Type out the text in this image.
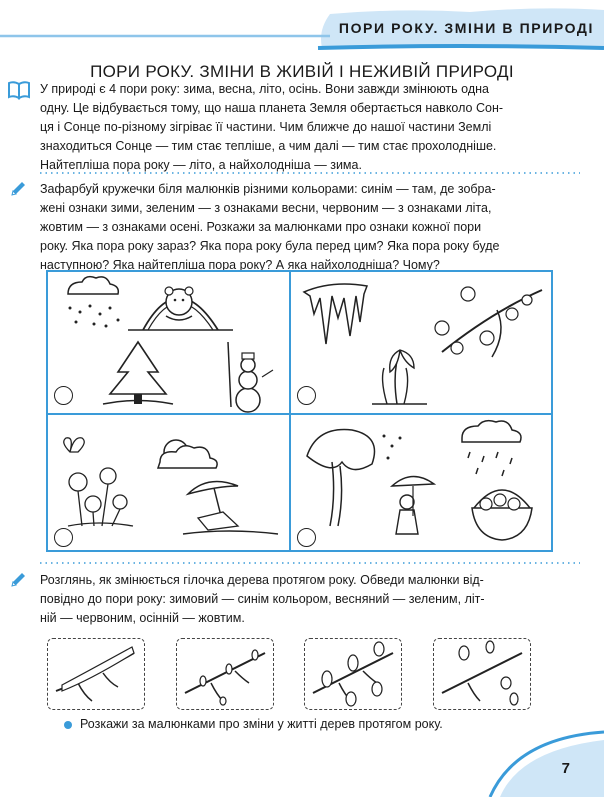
ПОРИ РОКУ. ЗМІНИ В ПРИРОДІ
ПОРИ РОКУ. ЗМІНИ В ЖИВІЙ І НЕЖИВІЙ ПРИРОДІ
У природі є 4 пори року: зима, весна, літо, осінь. Вони завжди змінюють одна
одну. Це відбувається тому, що наша планета Земля обертається навколо Сон-
ця і Сонце по-різному зігріває її частини. Чим ближче до нашої частини Землі
знаходиться Сонце — тим стає тепліше, а чим далі — тим стає прохолодніше.
Найтепліша пора року — літо, а найхолодніша — зима.
Зафарбуй кружечки біля малюнків різними кольорами: синім — там, де зобра-
жені ознаки зими, зеленим — з ознаками весни, червоним — з ознаками літа,
жовтим — з ознаками осені. Розкажи за малюнками про ознаки кожної пори
року. Яка пора року зараз? Яка пора року була перед цим? Яка пора року буде
наступною? Яка найтепліша пора року? А яка найхолодніша? Чому?
Розглянь, як змінюється гілочка дерева протягом року. Обведи малюнки від-
повідно до пори року: зимовий — синім кольором, весняний — зеленим, літ-
ній — червоним, осінній — жовтим.
Розкажи за малюнками про зміни у житті дерев протягом року.
7
